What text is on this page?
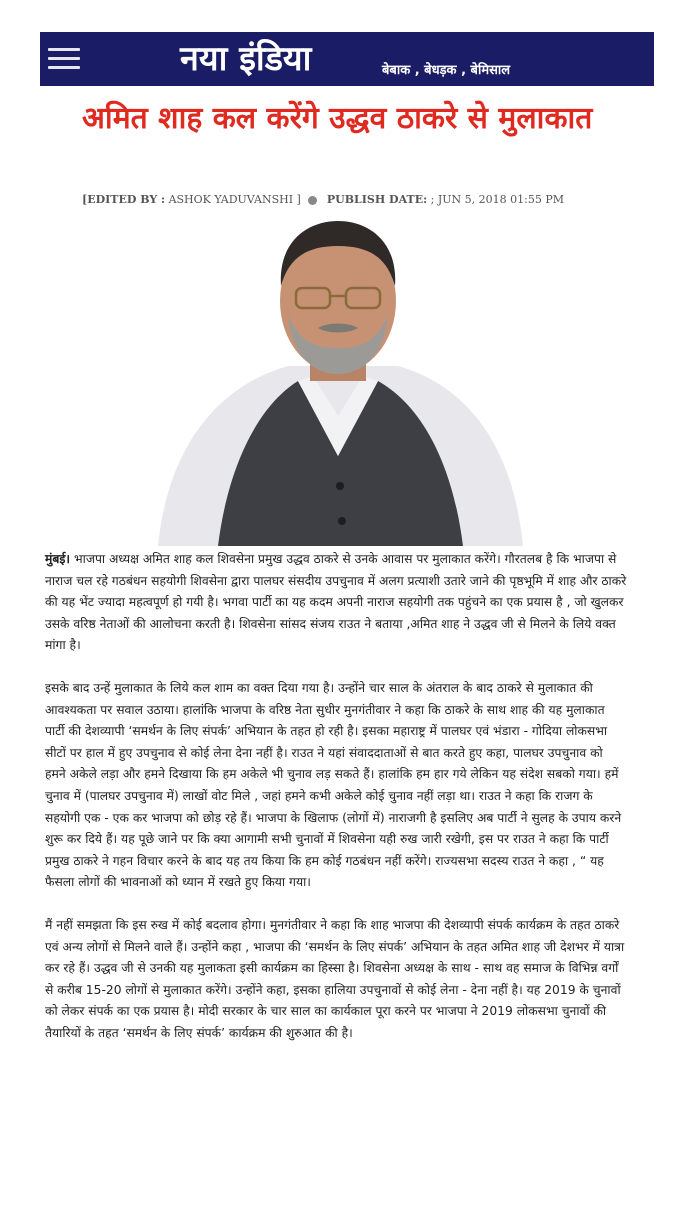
नया इंडिया	बेबाक , बेधड़क , बेमिसाल
अमित शाह कल करेंगे उद्धव ठाकरे से मुलाकात
[EDITED BY : ASHOK YADUVANSHI ] PUBLISH DATE: ; JUN 5, 2018 01:55 PM

मुंबई। भाजपा अध्यक्ष अमित शाह कल शिवसेना प्रमुख उद्धव ठाकरे से उनके आवास पर मुलाकात करेंगे। गौरतलब है कि भाजपा से नाराज चल रहे गठबंधन सहयोगी शिवसेना द्वारा पालघर संसदीय उपचुनाव में अलग प्रत्याशी उतारे जाने की पृष्ठभूमि में शाह और ठाकरे की यह भेंट ज्यादा महत्वपूर्ण हो गयी है। भगवा पार्टी का यह कदम अपनी नाराज सहयोगी तक पहुंचने का एक प्रयास है , जो खुलकर उसके वरिष्ठ नेताओं की आलोचना करती है। शिवसेना सांसद संजय राउत ने बताया ,अमित शाह ने उद्धव जी से मिलने के लिये वक्त मांगा है।

इसके बाद उन्हें मुलाकात के लिये कल शाम का वक्त दिया गया है। उन्होंने चार साल के अंतराल के बाद ठाकरे से मुलाकात की आवश्यकता पर सवाल उठाया। हालांकि भाजपा के वरिष्ठ नेता सुधीर मुनगंतीवार ने कहा कि ठाकरे के साथ शाह की यह मुलाकात पार्टी की देशव्यापी ‘समर्थन के लिए संपर्क’ अभियान के तहत हो रही है। इसका महाराष्ट्र में पालघर एवं भंडारा - गोदिया लोकसभा सीटों पर हाल में हुए उपचुनाव से कोई लेना देना नहीं है। राउत ने यहां संवाददाताओं से बात करते हुए कहा, पालघर उपचुनाव को हमने अकेले लड़ा और हमने दिखाया कि हम अकेले भी चुनाव लड़ सकते हैं। हालांकि हम हार गये लेकिन यह संदेश सबको गया। हमें चुनाव में (पालघर उपचुनाव में) लाखों वोट मिले , जहां हमने कभी अकेले कोई चुनाव नहीं लड़ा था। राउत ने कहा कि राजग के सहयोगी एक - एक कर भाजपा को छोड़ रहे हैं। भाजपा के खिलाफ (लोगों में) नाराजगी है इसलिए अब पार्टी ने सुलह के उपाय करने शुरू कर दिये हैं। यह पूछे जाने पर कि क्या आगामी सभी चुनावों में शिवसेना यही रुख जारी रखेगी, इस पर राउत ने कहा कि पार्टी प्रमुख ठाकरे ने गहन विचार करने के बाद यह तय किया कि हम कोई गठबंधन नहीं करेंगे। राज्यसभा सदस्य राउत ने कहा , “ यह फैसला लोगों की भावनाओं को ध्यान में रखते हुए किया गया।

मैं नहीं समझता कि इस रुख में कोई बदलाव होगा। मुनगंतीवार ने कहा कि शाह भाजपा की देशव्यापी संपर्क कार्यक्रम के तहत ठाकरे एवं अन्य लोगों से मिलने वाले हैं। उन्होंने कहा , भाजपा की ‘समर्थन के लिए संपर्क’ अभियान के तहत अमित शाह जी देशभर में यात्रा कर रहे हैं। उद्धव जी से उनकी यह मुलाकता इसी कार्यक्रम का हिस्सा है। शिवसेना अध्यक्ष के साथ - साथ वह समाज के विभिन्न वर्गों से करीब 15-20 लोगों से मुलाकात करेंगे। उन्होंने कहा, इसका हालिया उपचुनावों से कोई लेना - देना नहीं है। यह 2019 के चुनावों को लेकर संपर्क का एक प्रयास है। मोदी सरकार के चार साल का कार्यकाल पूरा करने पर भाजपा ने 2019 लोकसभा चुनावों की तैयारियों के तहत ‘समर्थन के लिए संपर्क’ कार्यक्रम की शुरुआत की है।
